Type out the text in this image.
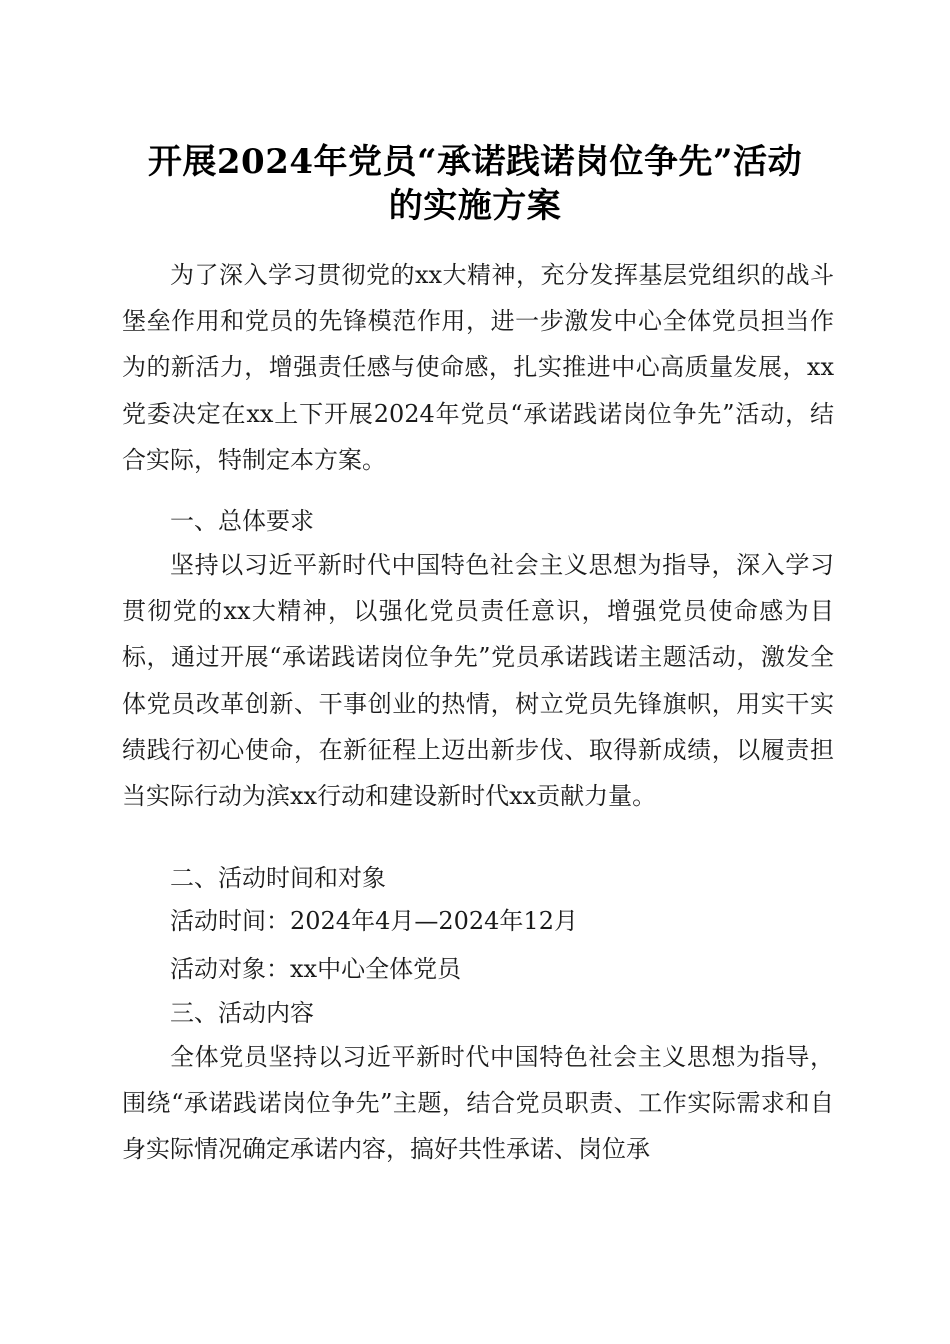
开展2024年党员“承诺践诺岗位争先”活动
的实施方案

为了深入学习贯彻党的xx大精神，充分发挥基层党组织的战斗堡垒作用和党员的先锋模范作用，进一步激发中心全体党员担当作为的新活力，增强责任感与使命感，扎实推进中心高质量发展，xx党委决定在xx上下开展2024年党员“承诺践诺岗位争先”活动，结合实际，特制定本方案。

一、总体要求

坚持以习近平新时代中国特色社会主义思想为指导，深入学习贯彻党的xx大精神，以强化党员责任意识，增强党员使命感为目标，通过开展“承诺践诺岗位争先”党员承诺践诺主题活动，激发全体党员改革创新、干事创业的热情，树立党员先锋旗帜，用实干实绩践行初心使命，在新征程上迈出新步伐、取得新成绩，以履责担当实际行动为滨xx行动和建设新时代xx贡献力量。

二、活动时间和对象

活动时间：2024年4月—2024年12月

活动对象：xx中心全体党员

三、活动内容

全体党员坚持以习近平新时代中国特色社会主义思想为指导，围绕“承诺践诺岗位争先”主题，结合党员职责、工作实际需求和自身实际情况确定承诺内容，搞好共性承诺、岗位承
